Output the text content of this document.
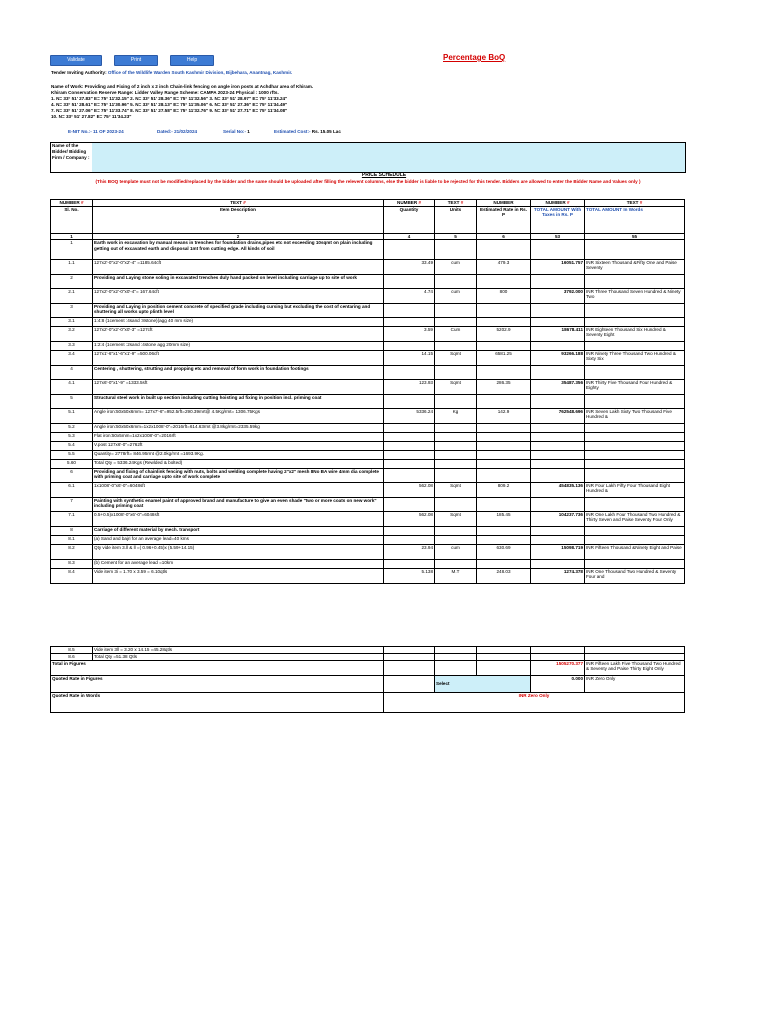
Validate	Print	Help	Percentage BoQ
Tender Inviting Authority: Office of the Wildlife Warden South Kashmir Division, Bijbehara, Anantnag, Kashmir.
Name of Work: Providing and Fixing of 2 inch x 2 inch Chain-link fencing on angle iron posts at Achdhar area of Khiram.
Khiram Conservation Reserve Range: Lidder Valley Range Scheme: CAMPA 2023-24 Physical : 1000 rfts.
1. N= 33° 51' 27.83" E= 75° 11'32.15" 2. N= 33° 51' 28.36" E= 75° 11'32.56" 3. N= 33° 51' 28.97" E= 75° 11'33.24"
4. N= 33° 51' 28.61" E= 75° 11'30.96" 5. N= 33° 51' 28.13" E= 75° 11'35.06" 6. N= 33° 51' 27.36" E= 75° 11'34.49"
7. N= 33° 51' 27.06" E= 75° 11'33.74" 8. N= 33° 51' 27.58" E= 75° 11'32.76" 9. N= 33° 51' 27.71" E= 75° 11'34.08"
10. N= 33° 51' 27.82" E= 75° 11'34.23"
E-NIT No.:- 11 OF 2023-24	Dated:- 21/02/2024	Serial No:- 1	Estimated Cost:- Rs. 15.05 Lac
Name of the Bidder/ Bidding Firm / Company :
PRICE SCHEDULE
(This BOQ template must not be modified/replaced by the bidder and the same should be uploaded after filling the relevent columns, else the bidder is liable to be rejected for this tender. Bidders are allowed to enter the Bidder Name and Values only )
NUMBER #	TEXT #	NUMBER #	TEXT #	NUMBER	NUMBER #	TEXT #
Sl. No.	Item Description	Quantity	Units	Estimated Rate in Rs. P	TOTAL AMOUNT With Taxes in Rs. P	TOTAL AMOUNT In Words
1	2	4	5	6	53	55
1	Earth work in excavation by manual means in trenches for foundation drains,pipes etc not exceeding 10sqmt on plain including getting out of excavated earth and disposal 1mt from cutting edge. All kinds of soil					
1.1	127x2'-0"x2'-0"x2'-4" =1185.64cft	33.49	cum	479.3	16051.757	INR Sixteen Thousand &Fifty One and Paise Seventy
2	Providing and Laying stone soling in excavated trenches duly hand packed on level including carriage up to site of work					
2.1	127x2'-0"x2'-0"x0'-4"= 167.64cft	4.74	cum	800	3792.000	INR Three Thousand Seven Hundred & Ninety Two
3	Providing and Laying in position cement concrete of specified grade including cursing but excluding the cost of centaring and shuttering all works upto plinth level					
3.1	1:4:8 (1cement :4sand :8stone)(agg 40 mm size)					
3.2	127x2'-0"x2'-0"x0'-3" =127cft	3.59	Cum	5202.9	18678.411	INR Eighteen Thousand Six Hundred & Seventy Eight
3.3	1:2:4 (1cement :2sand :4stone agg 20mm size)					
3.4	127x1'-6"x1'-6"x1'-9" =500.06cft	14.15	Sqmt	6581.25	93266.188	INR Ninety Three Thousand Two Hundred & Sixty Six
4	Centering , shuttering, strutting and propping etc and removal of form work in foundation footings					
4.1	127x6'-0"x1'-9" =1333.5sft	123.93	Sqmt	286.35	35487.356	INR Thirty Five Thousand Four Hundred & Eighty
5	Structural steel work in built up section including cutting hoisting ad fixing in position incl. priming coat					
5.1	Angle iron:50x50x6mm= 127x7'-6"=952.5rft=290.39mrt@ 4.5Kg/rmt= 1306.75Kgs	5336.24	Kg	142.9	762548.696	INR Seven Lakh Sixty Two Thousand Five Hundred &
5.2	Angle iron:50x50x6mm=1x2x1008'-0"=2016rft=614.63rmt @3.8kg/rmt=2335.59kg					
5.3	Flat iron:50x5mm=1x2x1008'-0"=2016rft					
5.4	V.post 127x6'-0"=2762ft					
5.5	Quantity= 2778rft= 846.95rmt @2.0kg/rmt =1693.9Kg.					
5.60	Total Qty = 5336.24Kgs (Rewlded & bolted)					
6	Providing and fixing of chainlink fencing with nuts, bolts and welding complete having 2"x2" mesh 8No BA wire 4mm dia complete with priming coat and carriage upto site of work complete					
6.1	1x1008'-0"x6'-0"=6048sft	562.08	Sqmt	809.2	454835.136	INR Four Lakh Fifty Four Thousand Eight Hundred &
7	Painting with synthetic enamel paint of approved brand and manufacture to give an even shade "two or more coats on new work" including priming coat					
7.1	0.5+0.5)x1008'-0"x6'-0"=6048sft	562.08	Sqmt	185.45	104237.736	INR One Lakh Four Thousand Two Hundred & Thirty Seven and Paise Seventy Four Only
8	Carriage of different material by mech. transport					
8.1	(a) Sand and bajri for an average lead=40 kms					
8.2	Qty vide item 3.ll & ll =( 0.96+0.45)x (5.59+14.15)	23.94	cum	630.69	15098.719	INR Fifteen Thousand &Ninety Eight and Paise
8.3	(b) Cement for an average lead =10km					
8.4	Vide item 3i = 1.70 x 3.59 = 6.10qtls	5.138	M.T	248.03	1274.378	INR One Thousand Two Hundred & Seventy Four and
8.5	Vide item 3ll = 3.20 x 14.15 =45.28qtls					
8.6	Total Qty =51.38 Qtls					
Total in Figures					1505270.377	INR Fifteen Lakh Five Thousand Two Hundred & Seventy and Paise Thirty Eight Only
Quoted Rate in Figures			Select		0.000	INR Zero Only
Quoted Rate in Words		INR Zero Only				
